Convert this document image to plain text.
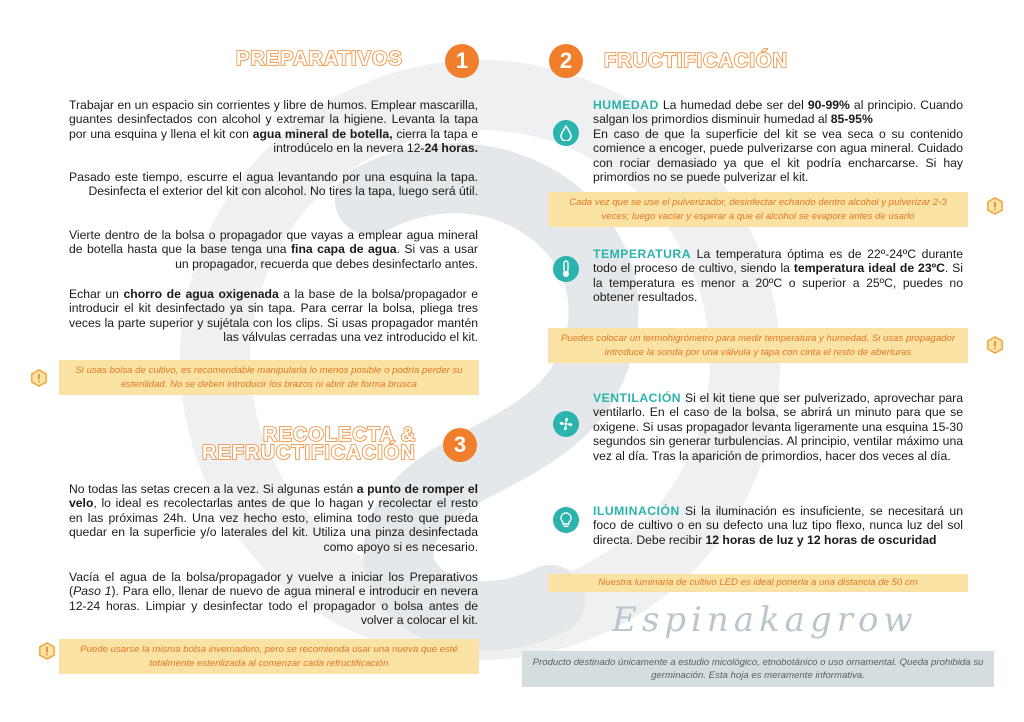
PREPARATIVOS	1
Trabajar en un espacio sin corrientes y libre de humos. Emplear mascarilla, guantes desinfectados con alcohol y extremar la higiene. Levanta la tapa por una esquina y llena el kit con agua mineral de botella, cierra la tapa e introdúcelo en la nevera 12-24 horas.
Pasado este tiempo, escurre el agua levantando por una esquina la tapa. Desinfecta el exterior del kit con alcohol. No tires la tapa, luego será útil.
Vierte dentro de la bolsa o propagador que vayas a emplear agua mineral de botella hasta que la base tenga una fina capa de agua. Si vas a usar un propagador, recuerda que debes desinfectarlo antes.
Echar un chorro de agua oxigenada a la base de la bolsa/propagador e introducir el kit desinfectado ya sin tapa. Para cerrar la bolsa, pliega tres veces la parte superior y sujétala con los clips. Si usas propagador mantén las válvulas cerradas una vez introducido el kit.
Si usas bolsa de cultivo, es recomendable manipularla lo menos posible o podría perder su esterilidad. No se deben introducir los brazos ni abrir de forma brusca
RECOLECTA &
REFRUCTIFICACIÓN	3
No todas las setas crecen a la vez. Si algunas están a punto de romper el velo, lo ideal es recolectarlas antes de que lo hagan y recolectar el resto en las próximas 24h. Una vez hecho esto, elimina todo resto que pueda quedar en la superficie y/o laterales del kit. Utiliza una pinza desinfectada como apoyo si es necesario.
Vacía el agua de la bolsa/propagador y vuelve a iniciar los Preparativos (Paso 1). Para ello, llenar de nuevo de agua mineral e introducir en nevera 12-24 horas. Limpiar y desinfectar todo el propagador o bolsa antes de volver a colocar el kit.
Puede usarse la misma bolsa invernadero, pero se recomienda usar una nueva que esté totalmente esterilizada al comenzar cada refructificación
2	FRUCTIFICACIÓN
HUMEDAD La humedad debe ser del 90-99% al principio. Cuando salgan los primordios disminuir humedad al 85-95%
En caso de que la superficie del kit se vea seca o su contenido comience a encoger, puede pulverizarse con agua mineral. Cuidado con rociar demasiado ya que el kit podría encharcarse. Si hay primordios no se puede pulverizar el kit.
Cada vez que se use el pulverizador, desinfectar echando dentro alcohol y pulverizar 2-3 veces; luego vaciar y esperar a que el alcohol se evapore antes de usarlo
TEMPERATURA La temperatura óptima es de 22º-24ºC durante todo el proceso de cultivo, siendo la temperatura ideal de 23ºC. Si la temperatura es menor a 20ºC o superior a 25ºC, puedes no obtener resultados.
Puedes colocar un termohigrómetro para medir temperatura y humedad. Si usas propagador introduce la sonda por una válvula y tapa con cinta el resto de aberturas
VENTILACIÓN Si el kit tiene que ser pulverizado, aprovechar para ventilarlo. En el caso de la bolsa, se abrirá un minuto para que se oxigene. Si usas propagador levanta ligeramente una esquina 15-30 segundos sin generar turbulencias. Al principio, ventilar máximo una vez al día. Tras la aparición de primordios, hacer dos veces al día.
ILUMINACIÓN Si la iluminación es insuficiente, se necesitará un foco de cultivo o en su defecto una luz tipo flexo, nunca luz del sol directa. Debe recibir 12 horas de luz y 12 horas de oscuridad
Nuestra luminaria de cultivo LED es ideal ponerla a una distancia de 50 cm
Espinakagrow
Producto destinado únicamente a estudio micológico, etnobotánico o uso ornamental. Queda prohibida su germinación. Esta hoja es meramente informativa.
